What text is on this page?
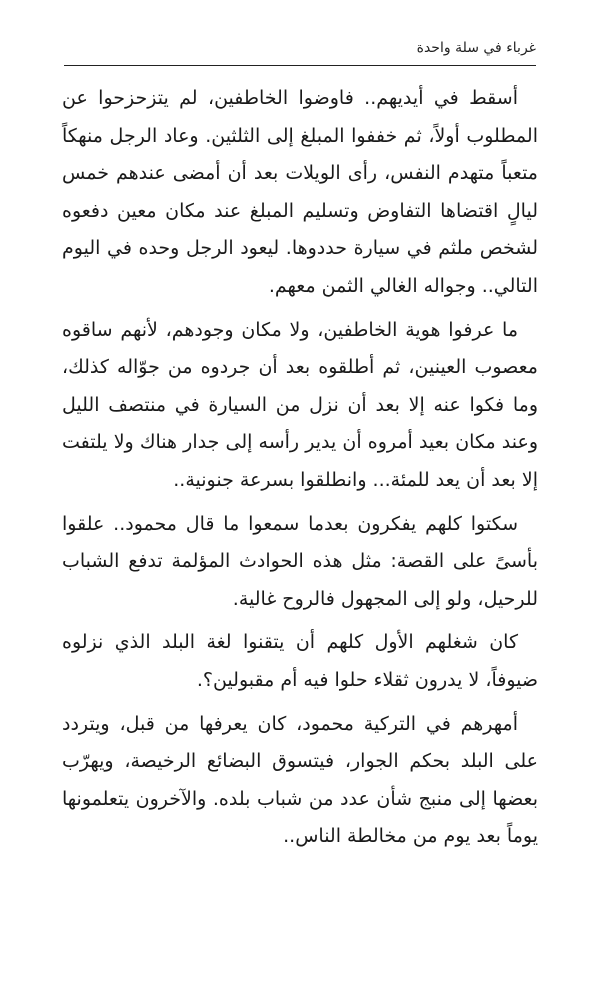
غرباء في سلة واحدة

أسقط في أيديهم.. فاوضوا الخاطفين، لم يتزحزحوا عن المطلوب أولاً، ثم خففوا المبلغ إلى الثلثين. وعاد الرجل منهكاً متعباً متهدم النفس، رأى الويلات بعد أن أمضى عندهم خمس ليالٍ اقتضاها التفاوض وتسليم المبلغ عند مكان معين دفعوه لشخص ملثم في سيارة حددوها. ليعود الرجل وحده في اليوم التالي.. وجواله الغالي الثمن معهم.

ما عرفوا هوية الخاطفين، ولا مكان وجودهم، لأنهم ساقوه معصوب العينين، ثم أطلقوه بعد أن جردوه من جوّاله كذلك، وما فكوا عنه إلا بعد أن نزل من السيارة في منتصف الليل وعند مكان بعيد أمروه أن يدير رأسه إلى جدار هناك ولا يلتفت إلا بعد أن يعد للمئة... وانطلقوا بسرعة جنونية..

سكتوا كلهم يفكرون بعدما سمعوا ما قال محمود.. علقوا بأسىً على القصة: مثل هذه الحوادث المؤلمة تدفع الشباب للرحيل، ولو إلى المجهول فالروح غالية.

كان شغلهم الأول كلهم أن يتقنوا لغة البلد الذي نزلوه ضيوفاً، لا يدرون ثقلاء حلوا فيه أم مقبولين؟.

أمهرهم في التركية محمود، كان يعرفها من قبل، ويتردد على البلد بحكم الجوار، فيتسوق البضائع الرخيصة، ويهرّب بعضها إلى منبج شأن عدد من شباب بلده. والآخرون يتعلمونها يوماً بعد يوم من مخالطة الناس..
